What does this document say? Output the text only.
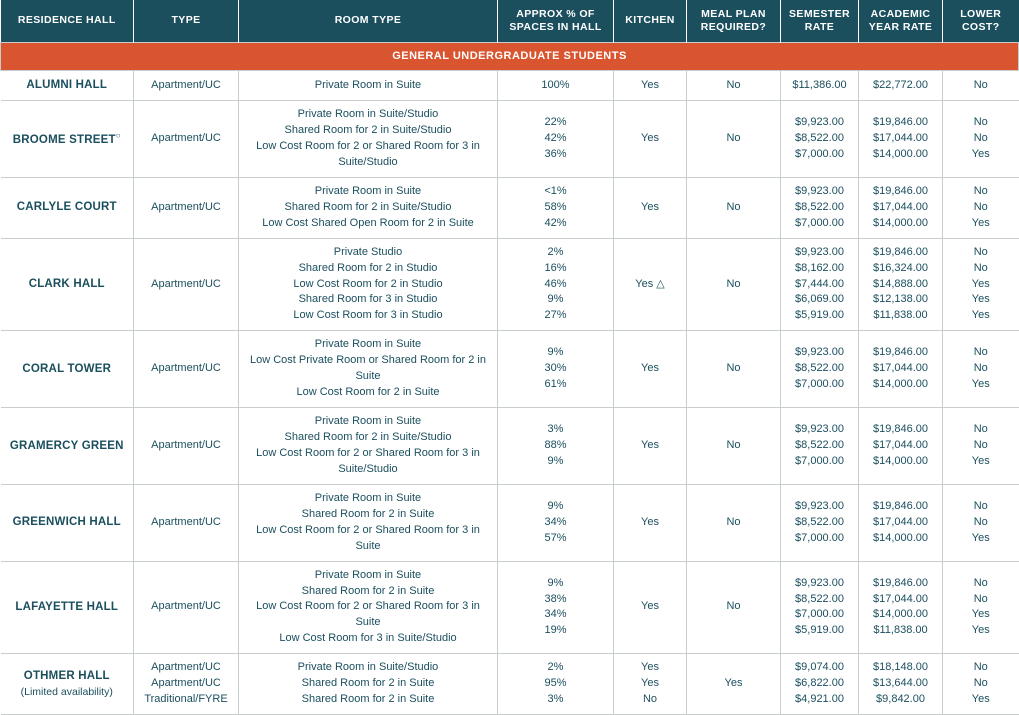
RESIDENCE HALL	TYPE	ROOM TYPE	APPROX % OF SPACES IN HALL	KITCHEN	MEAL PLAN REQUIRED?	SEMESTER RATE	ACADEMIC YEAR RATE	LOWER COST?
GENERAL UNDERGRADUATE STUDENTS								
ALUMNI HALL	Apartment/UC	Private Room in Suite	100%	Yes	No	$11,386.00	$22,772.00	No

BROOME STREET○	Apartment/UC	Private Room in Suite/Studio
Shared Room for 2 in Suite/Studio
Low Cost Room for 2 or Shared Room for 3 in Suite/Studio	22%
42%
36%	Yes	No	$9,923.00
$8,522.00
$7,000.00	$19,846.00
$17,044.00
$14,000.00	No
No
Yes

CARLYLE COURT	Apartment/UC	Private Room in Suite
Shared Room for 2 in Suite/Studio
Low Cost Shared Open Room for 2 in Suite	<1%
58%
42%	Yes	No	$9,923.00
$8,522.00
$7,000.00	$19,846.00
$17,044.00
$14,000.00	No
No
Yes

CLARK HALL	Apartment/UC	Private Studio
Shared Room for 2 in Studio
Low Cost Room for 2 in Studio
Shared Room for 3 in Studio
Low Cost Room for 3 in Studio	2%
16%
46%
9%
27%	Yes △	No	$9,923.00
$8,162.00
$7,444.00
$6,069.00
$5,919.00	$19,846.00
$16,324.00
$14,888.00
$12,138.00
$11,838.00	No
No
Yes
Yes
Yes

CORAL TOWER	Apartment/UC	Private Room in Suite
Low Cost Private Room or Shared Room for 2 in Suite
Low Cost Room for 2 in Suite	9%
30%
61%	Yes	No	$9,923.00
$8,522.00
$7,000.00	$19,846.00
$17,044.00
$14,000.00	No
No
Yes

GRAMERCY GREEN	Apartment/UC	Private Room in Suite
Shared Room for 2 in Suite/Studio
Low Cost Room for 2 or Shared Room for 3 in Suite/Studio	3%
88%
9%	Yes	No	$9,923.00
$8,522.00
$7,000.00	$19,846.00
$17,044.00
$14,000.00	No
No
Yes

GREENWICH HALL	Apartment/UC	Private Room in Suite
Shared Room for 2 in Suite
Low Cost Room for 2 or Shared Room for 3 in Suite	9%
34%
57%	Yes	No	$9,923.00
$8,522.00
$7,000.00	$19,846.00
$17,044.00
$14,000.00	No
No
Yes

LAFAYETTE HALL	Apartment/UC	Private Room in Suite
Shared Room for 2 in Suite
Low Cost Room for 2 or Shared Room for 3 in Suite
Low Cost Room for 3 in Suite/Studio	9%
38%
34%
19%	Yes	No	$9,923.00
$8,522.00
$7,000.00
$5,919.00	$19,846.00
$17,044.00
$14,000.00
$11,838.00	No
No
Yes
Yes

OTHMER HALL
(Limited availability)	Apartment/UC
Apartment/UC
Traditional/FYRE	Private Room in Suite/Studio
Shared Room for 2 in Suite
Shared Room for 2 in Suite	2%
95%
3%	Yes
Yes
No	Yes	$9,074.00
$6,822.00
$4,921.00	$18,148.00
$13,644.00
$9,842.00	No
No
Yes
